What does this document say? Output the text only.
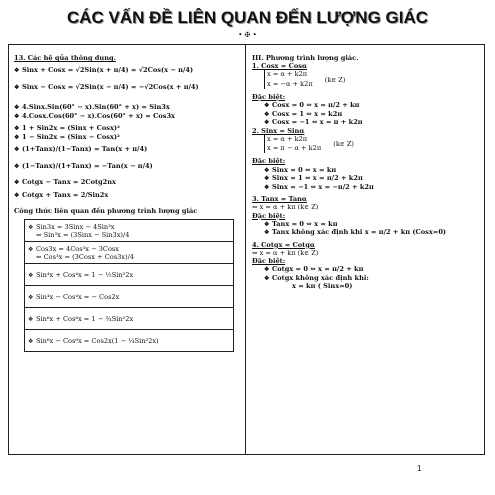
CÁC VẤN ĐỀ LIÊN QUAN ĐẾN LƯỢNG GIÁC
• ✠ •
13. Các hệ qủa thông dụng.
❖ Sinx + Cosx = √2Sin(x + π/4) = √2Cos(x − π/4)
❖ Sinx − Cosx = √2Sin(x − π/4) = −√2Cos(x + π/4)
❖ 4.Sinx.Sin(60° − x).Sin(60° + x) = Sin3x
❖ 4.Cosx.Cos(60° − x).Cos(60° + x) = Cos3x
❖ 1 + Sin2x = (Sinx + Cosx)²
❖ 1 − Sin2x = (Sinx − Cosx)²
❖ (1+Tanx)/(1−Tanx) = Tan(x + π/4)
❖ (1−Tanx)/(1+Tanx) = −Tan(x − π/4)
❖ Cotgx − Tanx = 2Cotg2nx
❖ Cotgx + Tanx = 2/Sin2x
Công thức liên quan đến phương trình lượng giác
❖ Sin3x = 3Sinx − 4Sin³x
⇔ Sin³x = (3Sinx − Sin3x)/4

❖ Cos3x = 4Cos³x − 3Cosx
⇔ Cos³x = (3Cosx + Cos3x)/4

❖ Sin⁴x + Cos⁴x = 1 − ½Sin²2x
❖ Sin⁴x − Cos⁴x = − Cos2x
❖ Sin⁶x + Cos⁶x = 1 − ¾Sin²2x
❖ Sin⁶x − Cos⁶x = Cos2x(1 − ¼Sin²2x)
III. Phương trình lượng giác.
1. Cosx = Cosα
x = α + k2π
x = −α + k2π (k∈ Z)
Đặc biệt:
❖ Cosx = 0 ⇔ x = π/2 + kπ
❖ Cosx = 1 ⇔ x = k2π
❖ Cosx = −1 ⇔ x = π + k2π
2. Sinx = Sinα
x = α + k2π
x = π − α + k2π (k∈ Z)
Đặc biệt:
❖ Sinx = 0 ⇔ x = kπ
❖ Sinx = 1 ⇔ x = π/2 + k2π
❖ Sinx = −1 ⇔ x = −π/2 + k2π
3. Tanx = Tanα
⇔ x = α + kπ (k∈ Z)
Đặc biệt:
❖ Tanx = 0 ⇔ x = kπ
❖ Tanx không xác định khi x = π/2 + kπ (Cosx=0)
4. Cotgx = Cotgα
⇔ x = α + kπ (k∈ Z)
Đặc biệt:
❖ Cotgx = 0 ⇔ x = π/2 + kπ
❖ Cotgx không xác định khi:
x = kπ ( Sinx=0)
1
